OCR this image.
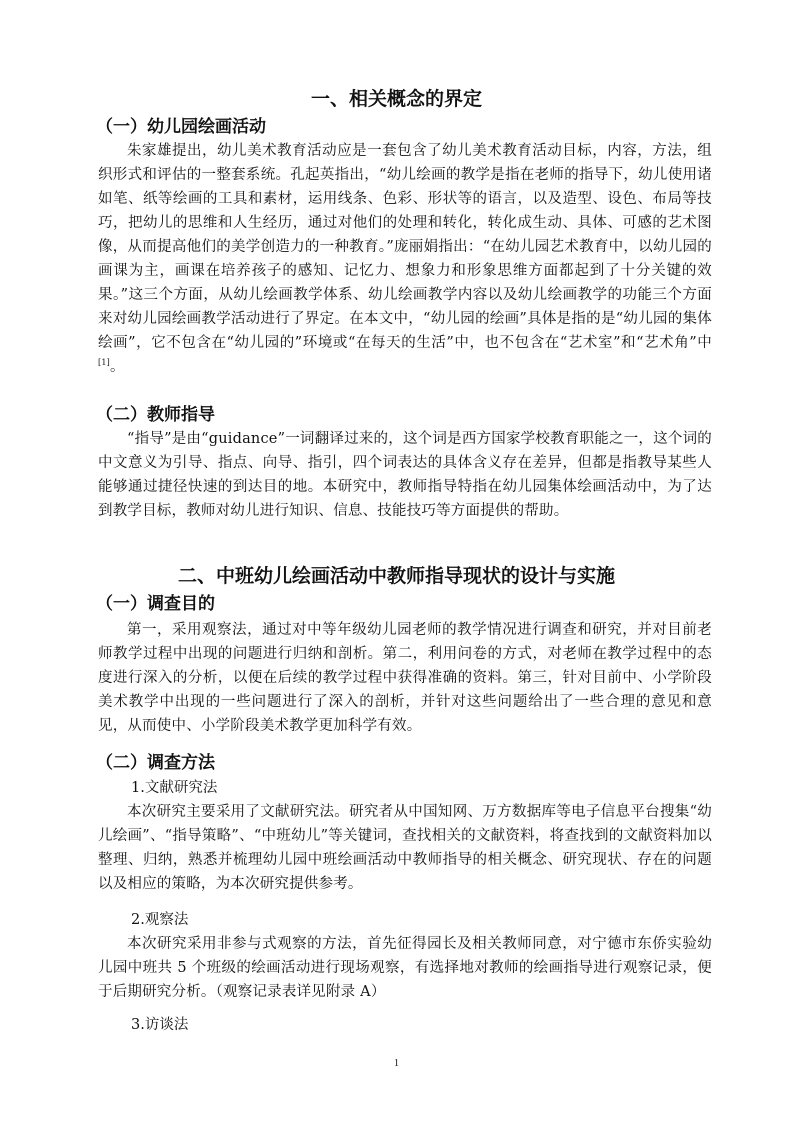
一、相关概念的界定
（一）幼儿园绘画活动

朱家雄提出，幼儿美术教育活动应是一套包含了幼儿美术教育活动目标，内容，方法，组织形式和评估的一整套系统。孔起英指出，“幼儿绘画的教学是指在老师的指导下，幼儿使用诸如笔、纸等绘画的工具和素材，运用线条、色彩、形状等的语言，以及造型、设色、布局等技巧，把幼儿的思维和人生经历，通过对他们的处理和转化，转化成生动、具体、可感的艺术图像，从而提高他们的美学创造力的一种教育。”庞丽娟指出：“在幼儿园艺术教育中，以幼儿园的画课为主，画课在培养孩子的感知、记忆力、想象力和形象思维方面都起到了十分关键的效果。”这三个方面，从幼儿绘画教学体系、幼儿绘画教学内容以及幼儿绘画教学的功能三个方面来对幼儿园绘画教学活动进行了界定。在本文中，“幼儿园的绘画”具体是指的是“幼儿园的集体绘画”，它不包含在“幼儿园的”环境或“在每天的生活”中，也不包含在“艺术室”和“艺术角”中[1]。

（二）教师指导

“指导”是由“guidance”一词翻译过来的，这个词是西方国家学校教育职能之一，这个词的中文意义为引导、指点、向导、指引，四个词表达的具体含义存在差异，但都是指教导某些人能够通过捷径快速的到达目的地。本研究中，教师指导特指在幼儿园集体绘画活动中，为了达到教学目标，教师对幼儿进行知识、信息、技能技巧等方面提供的帮助。

二、中班幼儿绘画活动中教师指导现状的设计与实施
（一）调查目的

第一，采用观察法，通过对中等年级幼儿园老师的教学情况进行调查和研究，并对目前老师教学过程中出现的问题进行归纳和剖析。第二，利用问卷的方式，对老师在教学过程中的态度进行深入的分析，以便在后续的教学过程中获得准确的资料。第三，针对目前中、小学阶段美术教学中出现的一些问题进行了深入的剖析，并针对这些问题给出了一些合理的意见和意见，从而使中、小学阶段美术教学更加科学有效。

（二）调查方法

1.文献研究法

本次研究主要采用了文献研究法。研究者从中国知网、万方数据库等电子信息平台搜集“幼儿绘画”、“指导策略”、“中班幼儿”等关键词，查找相关的文献资料，将查找到的文献资料加以整理、归纳，熟悉并梳理幼儿园中班绘画活动中教师指导的相关概念、研究现状、存在的问题以及相应的策略，为本次研究提供参考。

2.观察法

本次研究采用非参与式观察的方法，首先征得园长及相关教师同意，对宁德市东侨实验幼儿园中班共 5 个班级的绘画活动进行现场观察，有选择地对教师的绘画指导进行观察记录，便于后期研究分析。（观察记录表详见附录 A）

3.访谈法

1
